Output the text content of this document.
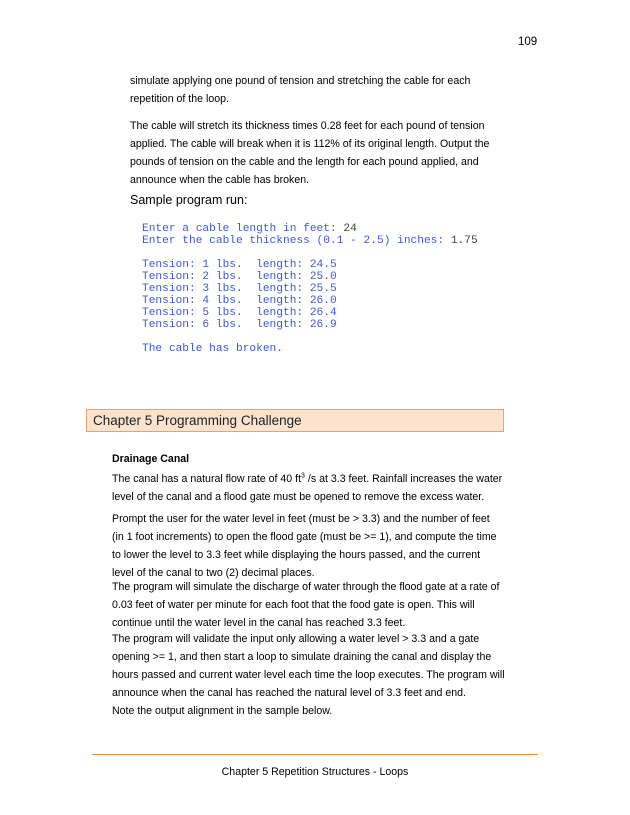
109
simulate applying one pound of tension and stretching the cable for each
repetition of the loop.
The cable will stretch its thickness times 0.28 feet for each pound of tension
applied. The cable will break when it is 112% of its original length. Output the
pounds of tension on the cable and the length for each pound applied, and
announce when the cable has broken.
Sample program run:
Enter a cable length in feet: 24
Enter the cable thickness (0.1 - 2.5) inches: 1.75
Tension: 1 lbs.  length: 24.5
Tension: 2 lbs.  length: 25.0
Tension: 3 lbs.  length: 25.5
Tension: 4 lbs.  length: 26.0
Tension: 5 lbs.  length: 26.4
Tension: 6 lbs.  length: 26.9
The cable has broken.
Chapter 5 Programming Challenge
Drainage Canal
The canal has a natural flow rate of 40 $ft^3$ /s at 3.3 feet. Rainfall increases the water
level of the canal and a flood gate must be opened to remove the excess water.
Prompt the user for the water level in feet (must be > 3.3) and the number of feet
(in 1 foot increments) to open the flood gate (must be >= 1), and compute the time
to lower the level to 3.3 feet while displaying the hours passed, and the current
level of the canal to two (2) decimal places.
The program will simulate the discharge of water through the flood gate at a rate of
0.03 feet of water per minute for each foot that the food gate is open. This will
continue until the water level in the canal has reached 3.3 feet.
The program will validate the input only allowing a water level > 3.3 and a gate
opening >= 1, and then start a loop to simulate draining the canal and display the
hours passed and current water level each time the loop executes. The program will
announce when the canal has reached the natural level of 3.3 feet and end.
Note the output alignment in the sample below.
Chapter 5 Repetition Structures - Loops
